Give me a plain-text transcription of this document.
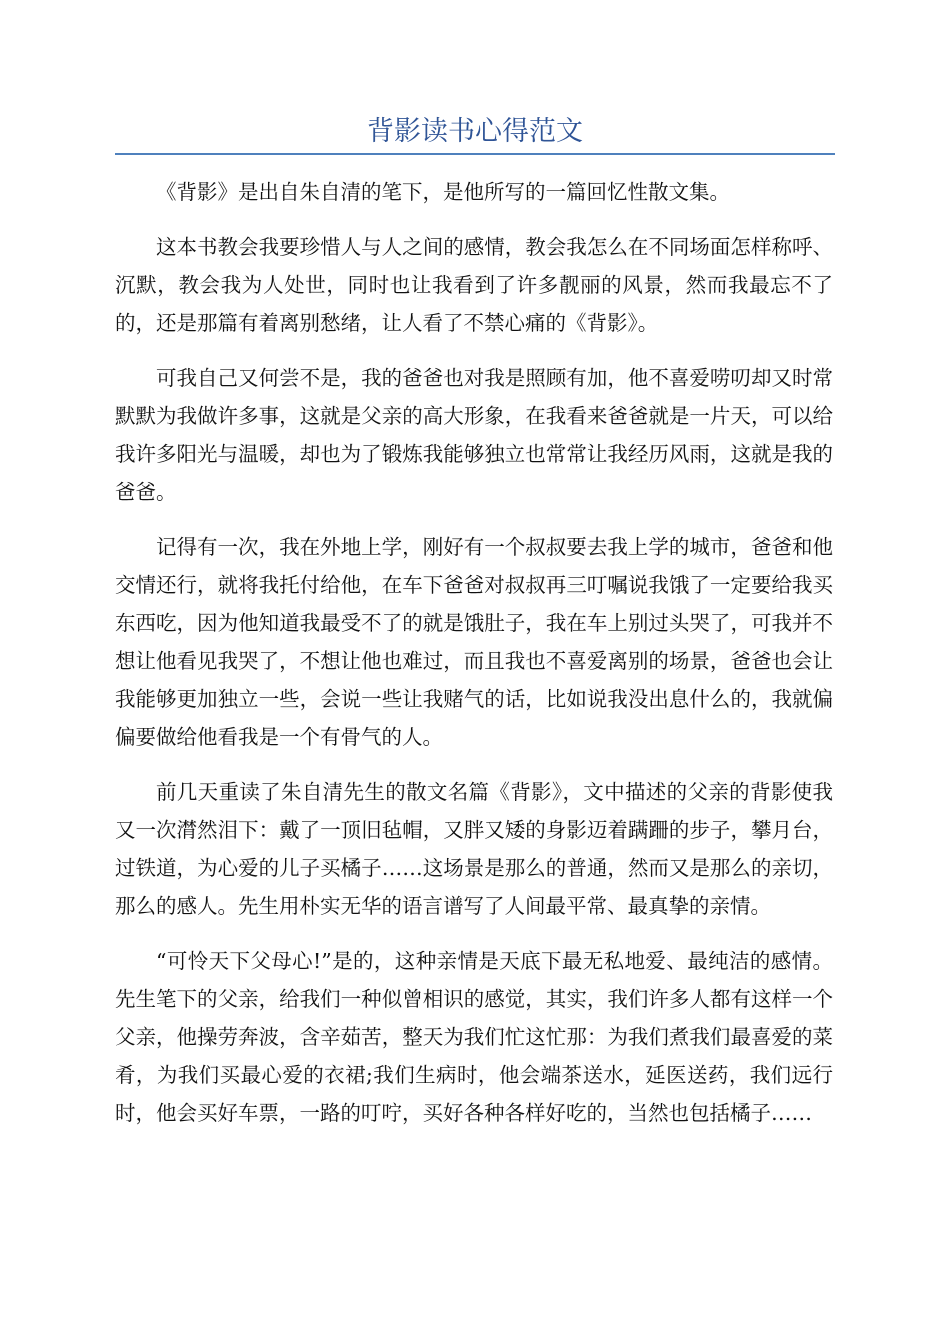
背影读书心得范文

《背影》是出自朱自清的笔下，是他所写的一篇回忆性散文集。

这本书教会我要珍惜人与人之间的感情，教会我怎么在不同场面怎样称呼、沉默，教会我为人处世，同时也让我看到了许多靓丽的风景，然而我最忘不了的，还是那篇有着离别愁绪，让人看了不禁心痛的《背影》。

可我自己又何尝不是，我的爸爸也对我是照顾有加，他不喜爱唠叨却又时常默默为我做许多事，这就是父亲的高大形象，在我看来爸爸就是一片天，可以给我许多阳光与温暖，却也为了锻炼我能够独立也常常让我经历风雨，这就是我的爸爸。

记得有一次，我在外地上学，刚好有一个叔叔要去我上学的城市，爸爸和他交情还行，就将我托付给他，在车下爸爸对叔叔再三叮嘱说我饿了一定要给我买东西吃，因为他知道我最受不了的就是饿肚子，我在车上别过头哭了，可我并不想让他看见我哭了，不想让他也难过，而且我也不喜爱离别的场景，爸爸也会让我能够更加独立一些，会说一些让我赌气的话，比如说我没出息什么的，我就偏偏要做给他看我是一个有骨气的人。

前几天重读了朱自清先生的散文名篇《背影》，文中描述的父亲的背影使我又一次潸然泪下：戴了一顶旧毡帽，又胖又矮的身影迈着蹒跚的步子，攀月台，过铁道，为心爱的儿子买橘子……这场景是那么的普通，然而又是那么的亲切，那么的感人。先生用朴实无华的语言谱写了人间最平常、最真挚的亲情。

“可怜天下父母心!”是的，这种亲情是天底下最无私地爱、最纯洁的感情。先生笔下的父亲，给我们一种似曾相识的感觉，其实，我们许多人都有这样一个父亲，他操劳奔波，含辛茹苦，整天为我们忙这忙那：为我们煮我们最喜爱的菜肴，为我们买最心爱的衣裙;我们生病时，他会端茶送水，延医送药，我们远行时，他会买好车票，一路的叮咛，买好各种各样好吃的，当然也包括橘子……
